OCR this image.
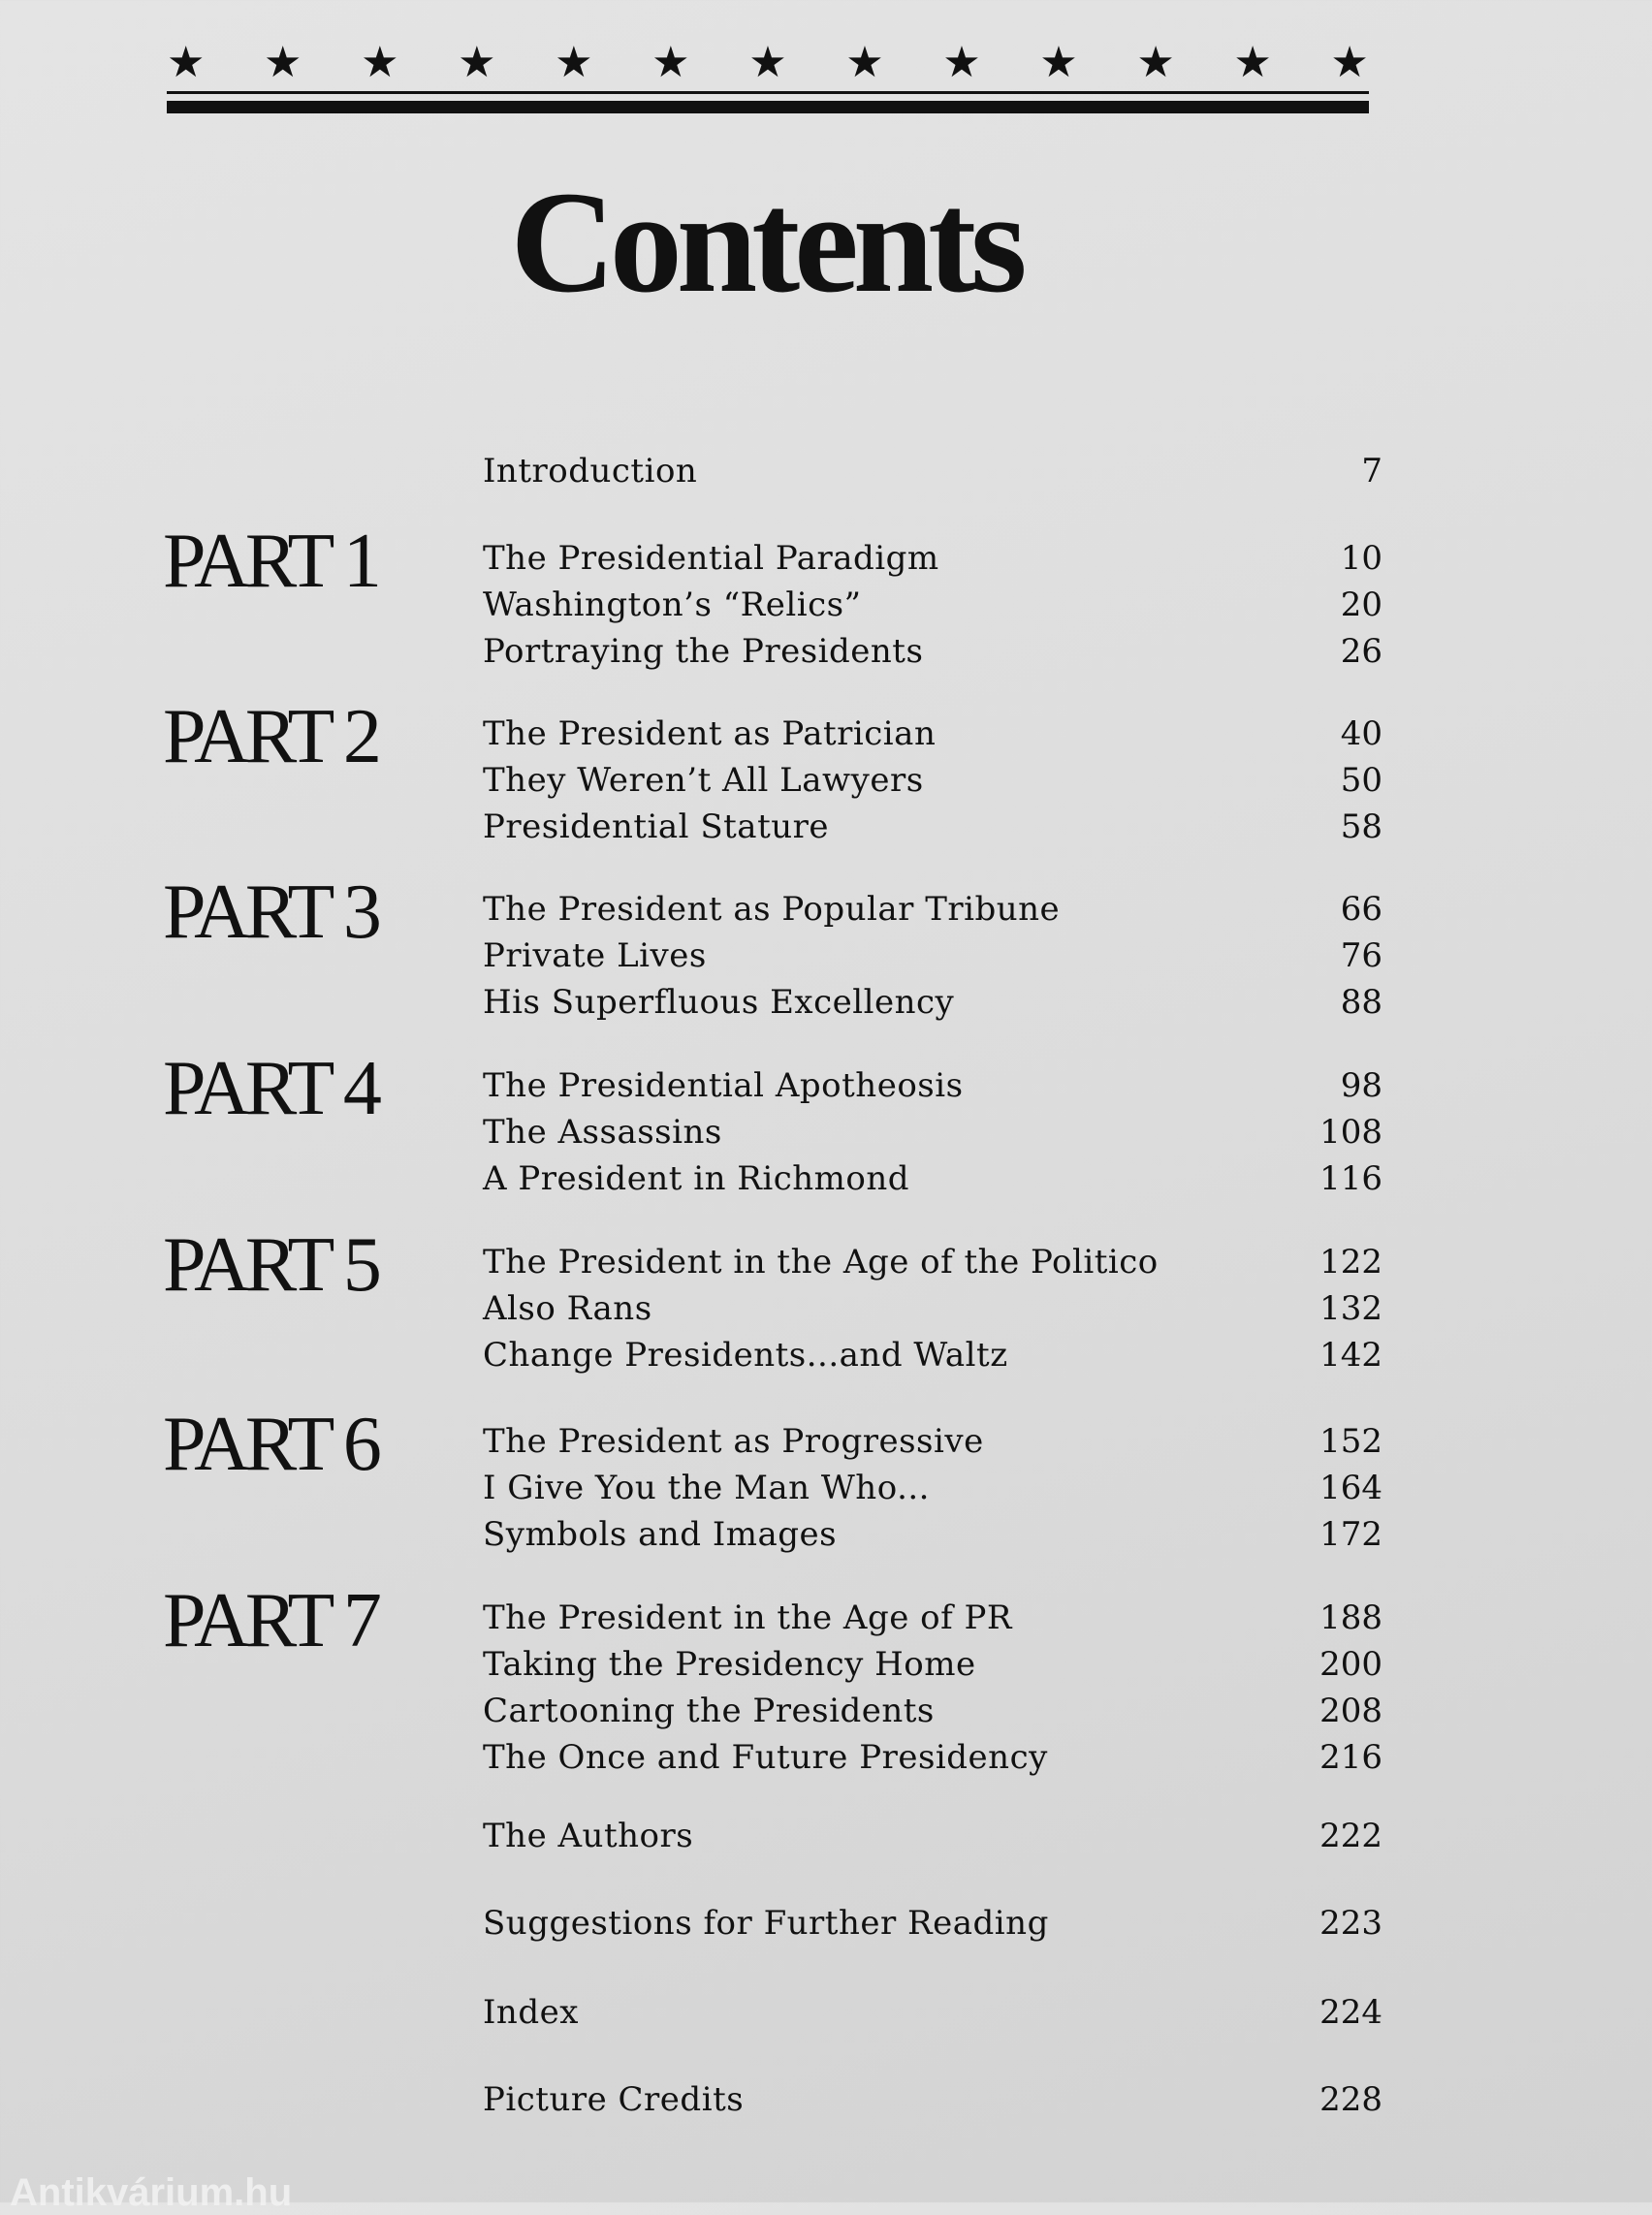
★ ★ ★ ★ ★ ★ ★ ★ ★ ★ ★ ★ ★
Contents
Introduction	7
PART 1	The Presidential Paradigm	10
Washington’s “Relics”	20
Portraying the Presidents	26
PART 2	The President as Patrician	40
They Weren’t All Lawyers	50
Presidential Stature	58
PART 3	The President as Popular Tribune	66
Private Lives	76
His Superfluous Excellency	88
PART 4	The Presidential Apotheosis	98
The Assassins	108
A President in Richmond	116
PART 5	The President in the Age of the Politico	122
Also Rans	132
Change Presidents...and Waltz	142
PART 6	The President as Progressive	152
I Give You the Man Who...	164
Symbols and Images	172
PART 7	The President in the Age of PR	188
Taking the Presidency Home	200
Cartooning the Presidents	208
The Once and Future Presidency	216
The Authors	222
Suggestions for Further Reading	223
Index	224
Picture Credits	228
Antikvárium.hu
